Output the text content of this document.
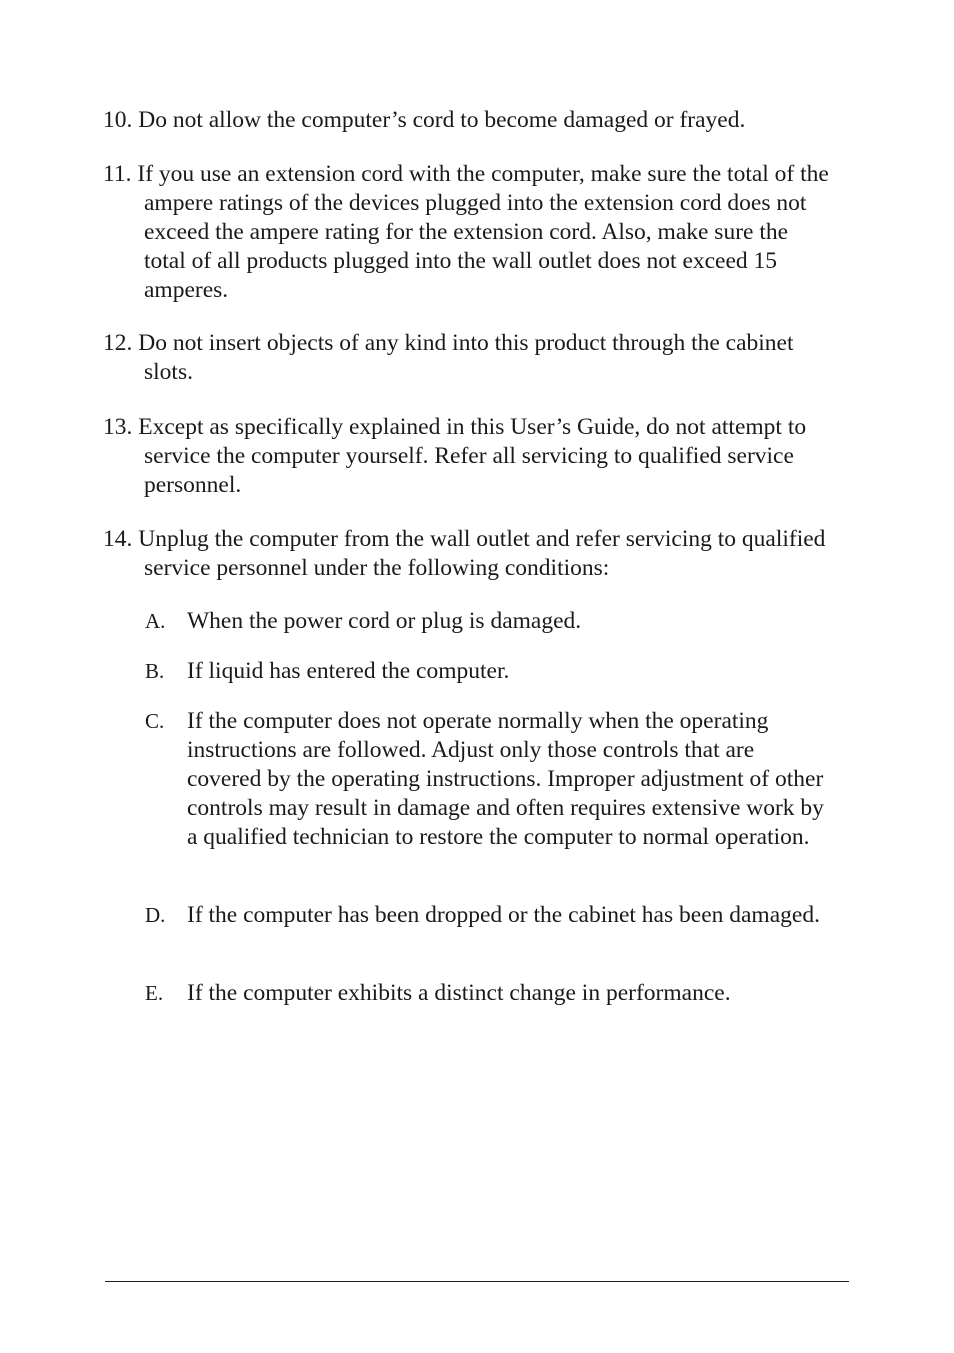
10. Do not allow the computer’s cord to become damaged or frayed.
11. If you use an extension cord with the computer, make sure the total of the ampere ratings of the devices plugged into the extension cord does not exceed the ampere rating for the extension cord. Also, make sure the total of all products plugged into the wall outlet does not exceed 15 amperes.
12. Do not insert objects of any kind into this product through the cabinet slots.
13. Except as specifically explained in this User’s Guide, do not attempt to service the computer yourself. Refer all servicing to qualified service personnel.
14. Unplug the computer from the wall outlet and refer servicing to qualified service personnel under the following conditions:
A. When the power cord or plug is damaged.
B. If liquid has entered the computer.
C. If the computer does not operate normally when the operating instructions are followed. Adjust only those controls that are covered by the operating instructions. Improper adjustment of other controls may result in damage and often requires extensive work by a qualified technician to restore the computer to normal operation.
D. If the computer has been dropped or the cabinet has been damaged.
E.	If the computer exhibits a distinct change in performance.
